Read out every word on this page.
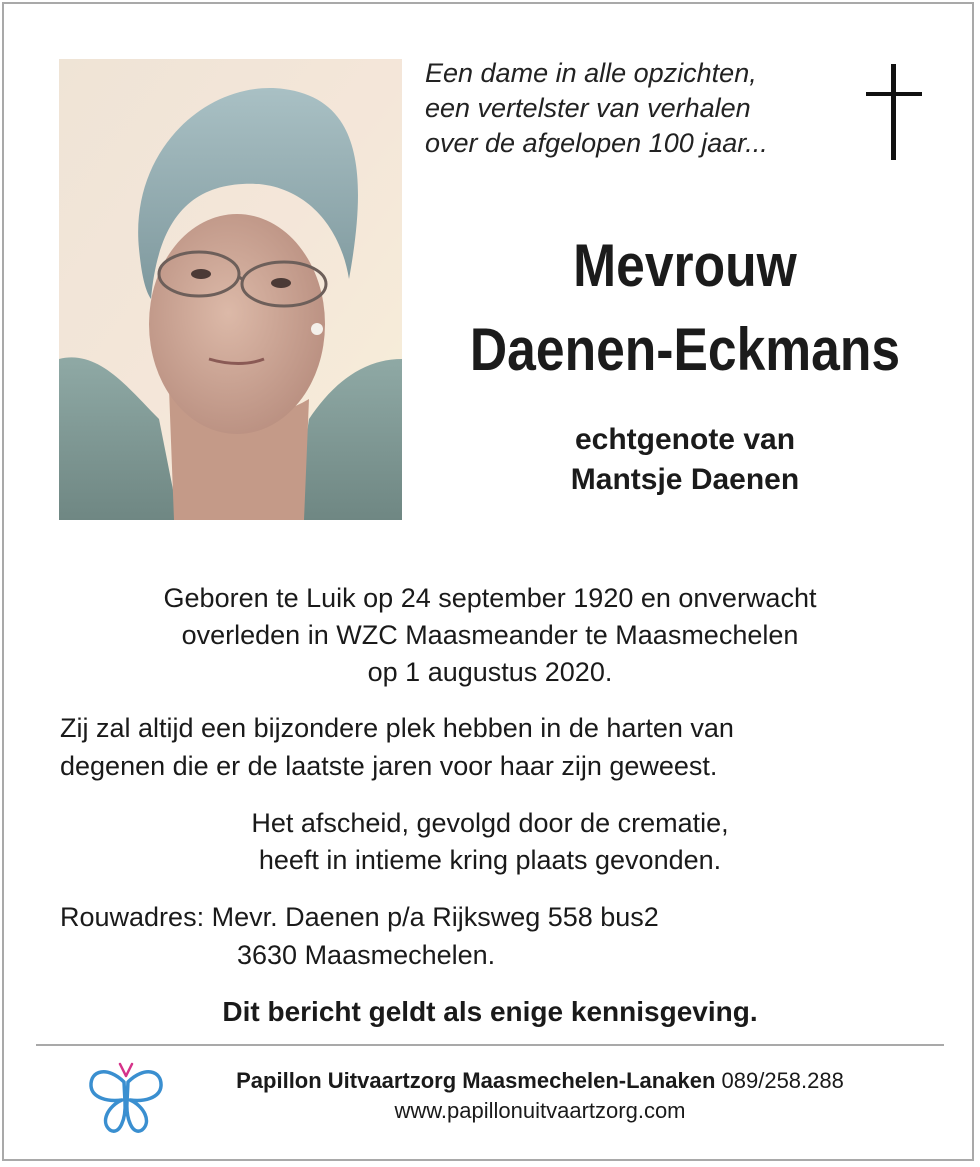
Een dame in alle opzichten,
een vertelster van verhalen
over de afgelopen 100 jaar...
Mevrouw
Daenen-Eckmans
echtgenote van
Mantsje Daenen
Geboren te Luik op 24 september 1920 en onverwacht
overleden in WZC Maasmeander te Maasmechelen
op 1 augustus 2020.
Zij zal altijd een bijzondere plek hebben in de harten van
degenen die er de laatste jaren voor haar zijn geweest.
Het afscheid, gevolgd door de crematie,
heeft in intieme kring plaats gevonden.
Rouwadres: Mevr. Daenen p/a Rijksweg 558 bus2
3630 Maasmechelen.
Dit bericht geldt als enige kennisgeving.
Papillon Uitvaartzorg Maasmechelen-Lanaken 089/258.288
www.papillonuitvaartzorg.com
